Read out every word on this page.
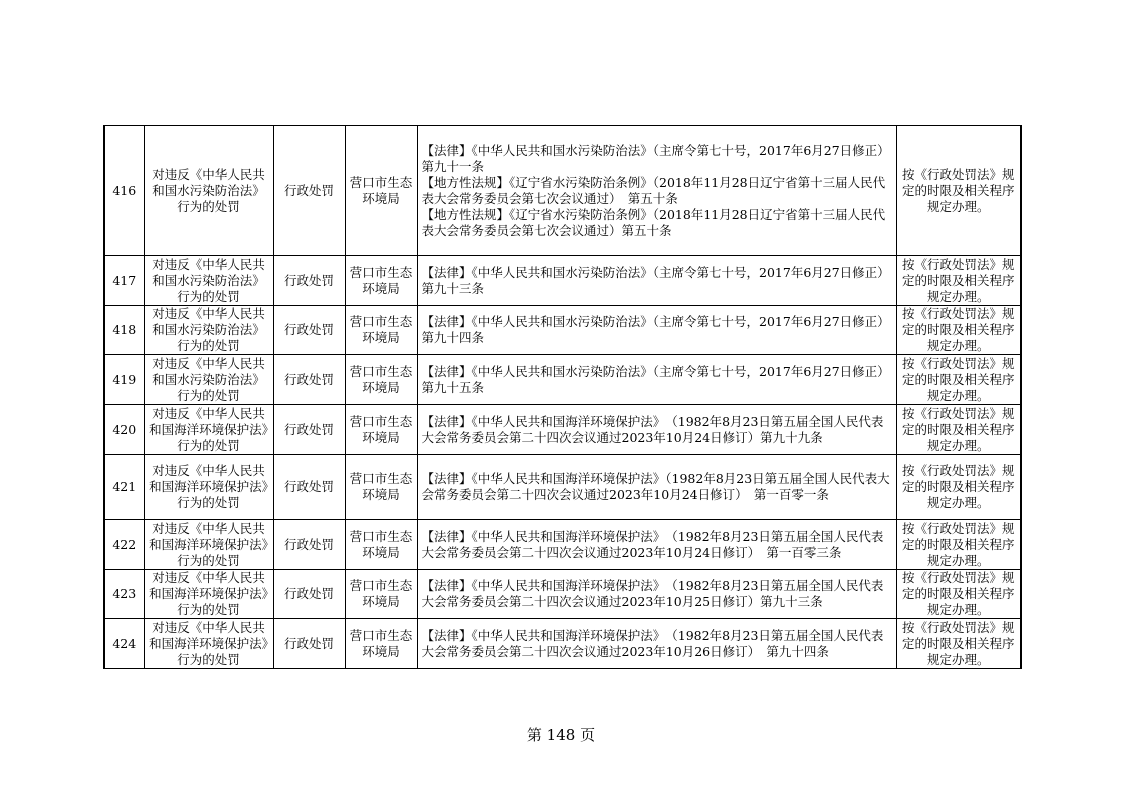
416	对违反《中华人民共和国水污染防治法》行为的处罚	行政处罚	营口市生态环境局	【法律】《中华人民共和国水污染防治法》（主席令第七十号，2017年6月27日修正）第九十一条
【地方性法规】《辽宁省水污染防治条例》（2018年11月28日辽宁省第十三届人民代表大会常务委员会第七次会议通过）　第五十条
【地方性法规】《辽宁省水污染防治条例》（2018年11月28日辽宁省第十三届人民代表大会常务委员会第七次会议通过）第五十条	按《行政处罚法》规定的时限及相关程序规定办理。
417	对违反《中华人民共和国水污染防治法》行为的处罚	行政处罚	营口市生态环境局	【法律】《中华人民共和国水污染防治法》（主席令第七十号，2017年6月27日修正）第九十三条	按《行政处罚法》规定的时限及相关程序规定办理。
418	对违反《中华人民共和国水污染防治法》行为的处罚	行政处罚	营口市生态环境局	【法律】《中华人民共和国水污染防治法》（主席令第七十号，2017年6月27日修正）第九十四条	按《行政处罚法》规定的时限及相关程序规定办理。
419	对违反《中华人民共和国水污染防治法》行为的处罚	行政处罚	营口市生态环境局	【法律】《中华人民共和国水污染防治法》（主席令第七十号，2017年6月27日修正）第九十五条	按《行政处罚法》规定的时限及相关程序规定办理。
420	对违反《中华人民共和国海洋环境保护法》行为的处罚	行政处罚	营口市生态环境局	【法律】《中华人民共和国海洋环境保护法》　（1982年8月23日第五届全国人民代表大会常务委员会第二十四次会议通过2023年10月24日修订）第九十九条	按《行政处罚法》规定的时限及相关程序规定办理。
421	对违反《中华人民共和国海洋环境保护法》行为的处罚	行政处罚	营口市生态环境局	【法律】《中华人民共和国海洋环境保护法》（1982年8月23日第五届全国人民代表大会常务委员会第二十四次会议通过2023年10月24日修订）　第一百零一条	按《行政处罚法》规定的时限及相关程序规定办理。
422	对违反《中华人民共和国海洋环境保护法》行为的处罚	行政处罚	营口市生态环境局	【法律】《中华人民共和国海洋环境保护法》　（1982年8月23日第五届全国人民代表大会常务委员会第二十四次会议通过2023年10月24日修订）　第一百零三条	按《行政处罚法》规定的时限及相关程序规定办理。
423	对违反《中华人民共和国海洋环境保护法》行为的处罚	行政处罚	营口市生态环境局	【法律】《中华人民共和国海洋环境保护法》　（1982年8月23日第五届全国人民代表大会常务委员会第二十四次会议通过2023年10月25日修订）第九十三条	按《行政处罚法》规定的时限及相关程序规定办理。
424	对违反《中华人民共和国海洋环境保护法》行为的处罚	行政处罚	营口市生态环境局	【法律】《中华人民共和国海洋环境保护法》　（1982年8月23日第五届全国人民代表大会常务委员会第二十四次会议通过2023年10月26日修订）　第九十四条	按《行政处罚法》规定的时限及相关程序规定办理。
第 148 页
